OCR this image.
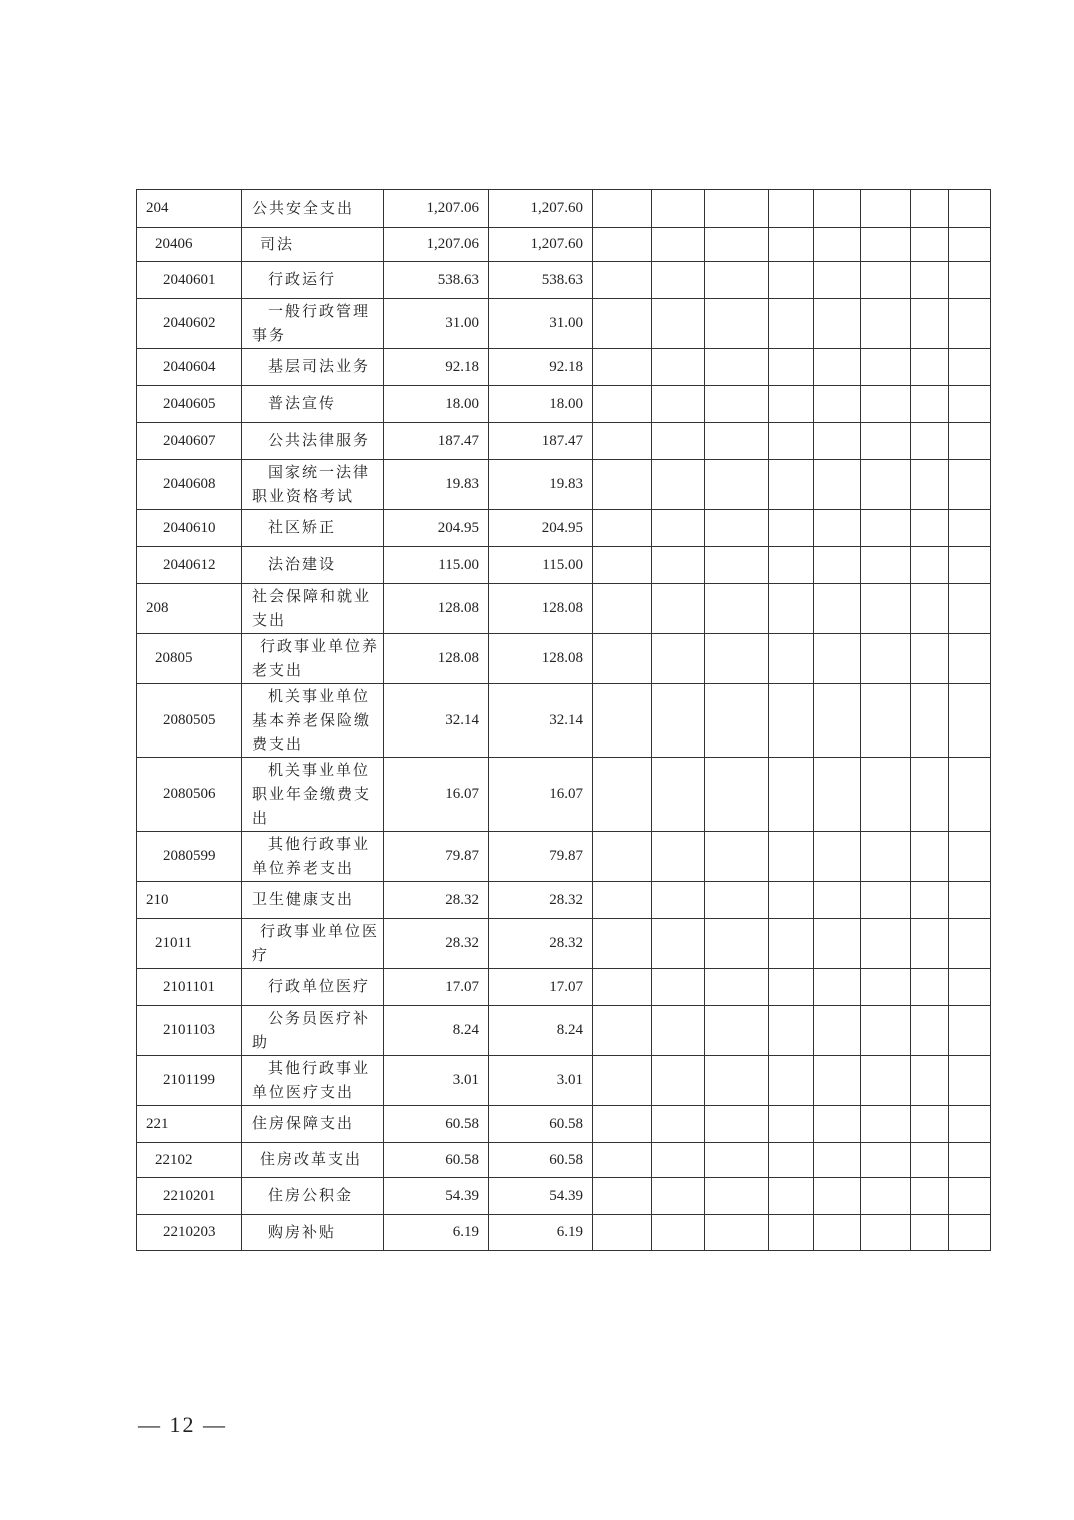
204	公共安全支出	1,207.06	1,207.60								
20406	司法	1,207.06	1,207.60								
2040601	行政运行	538.63	538.63								
2040602	一般行政管理事务	31.00	31.00								
2040604	基层司法业务	92.18	92.18								
2040605	普法宣传	18.00	18.00								
2040607	公共法律服务	187.47	187.47								
2040608	国家统一法律职业资格考试	19.83	19.83								
2040610	社区矫正	204.95	204.95								
2040612	法治建设	115.00	115.00								
208	社会保障和就业支出	128.08	128.08								
20805	行政事业单位养老支出	128.08	128.08								
2080505	机关事业单位基本养老保险缴费支出	32.14	32.14								
2080506	机关事业单位职业年金缴费支出	16.07	16.07								
2080599	其他行政事业单位养老支出	79.87	79.87								
210	卫生健康支出	28.32	28.32								
21011	行政事业单位医疗	28.32	28.32								
2101101	行政单位医疗	17.07	17.07								
2101103	公务员医疗补助	8.24	8.24								
2101199	其他行政事业单位医疗支出	3.01	3.01								
221	住房保障支出	60.58	60.58								
22102	住房改革支出	60.58	60.58								
2210201	住房公积金	54.39	54.39								
2210203	购房补贴	6.19	6.19								
— 12 —
